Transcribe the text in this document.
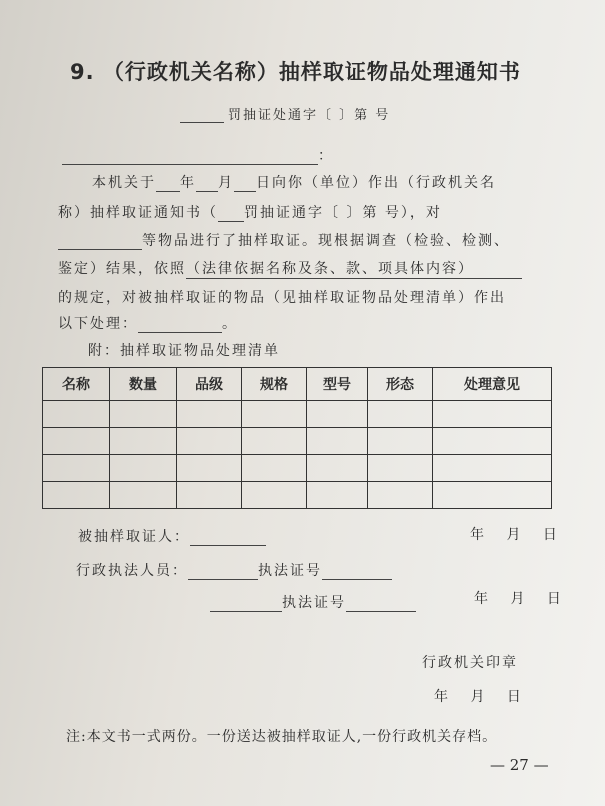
9. （行政机关名称）抽样取证物品处理通知书
罚抽证处通字〔 〕第 号
：
本机关于 年 月 日向你（单位）作出（行政机关名
称）抽样取证通知书（ 罚抽证通字〔 〕第 号），对
等物品进行了抽样取证。现根据调查（检验、检测、
鉴定）结果，依照（法律依据名称及条、款、项具体内容）
的规定，对被抽样取证的物品（见抽样取证物品处理清单）作出
以下处理：	。
附：抽样取证物品处理清单
名称	数量	品级	规格	型号	形态	处理意见

被抽样取证人：	年 月 日
行政执法人员：	执法证号
执法证号	年 月 日
行政机关印章
年 月 日
注:本文书一式两份。一份送达被抽样取证人,一份行政机关存档。
— 27 —
